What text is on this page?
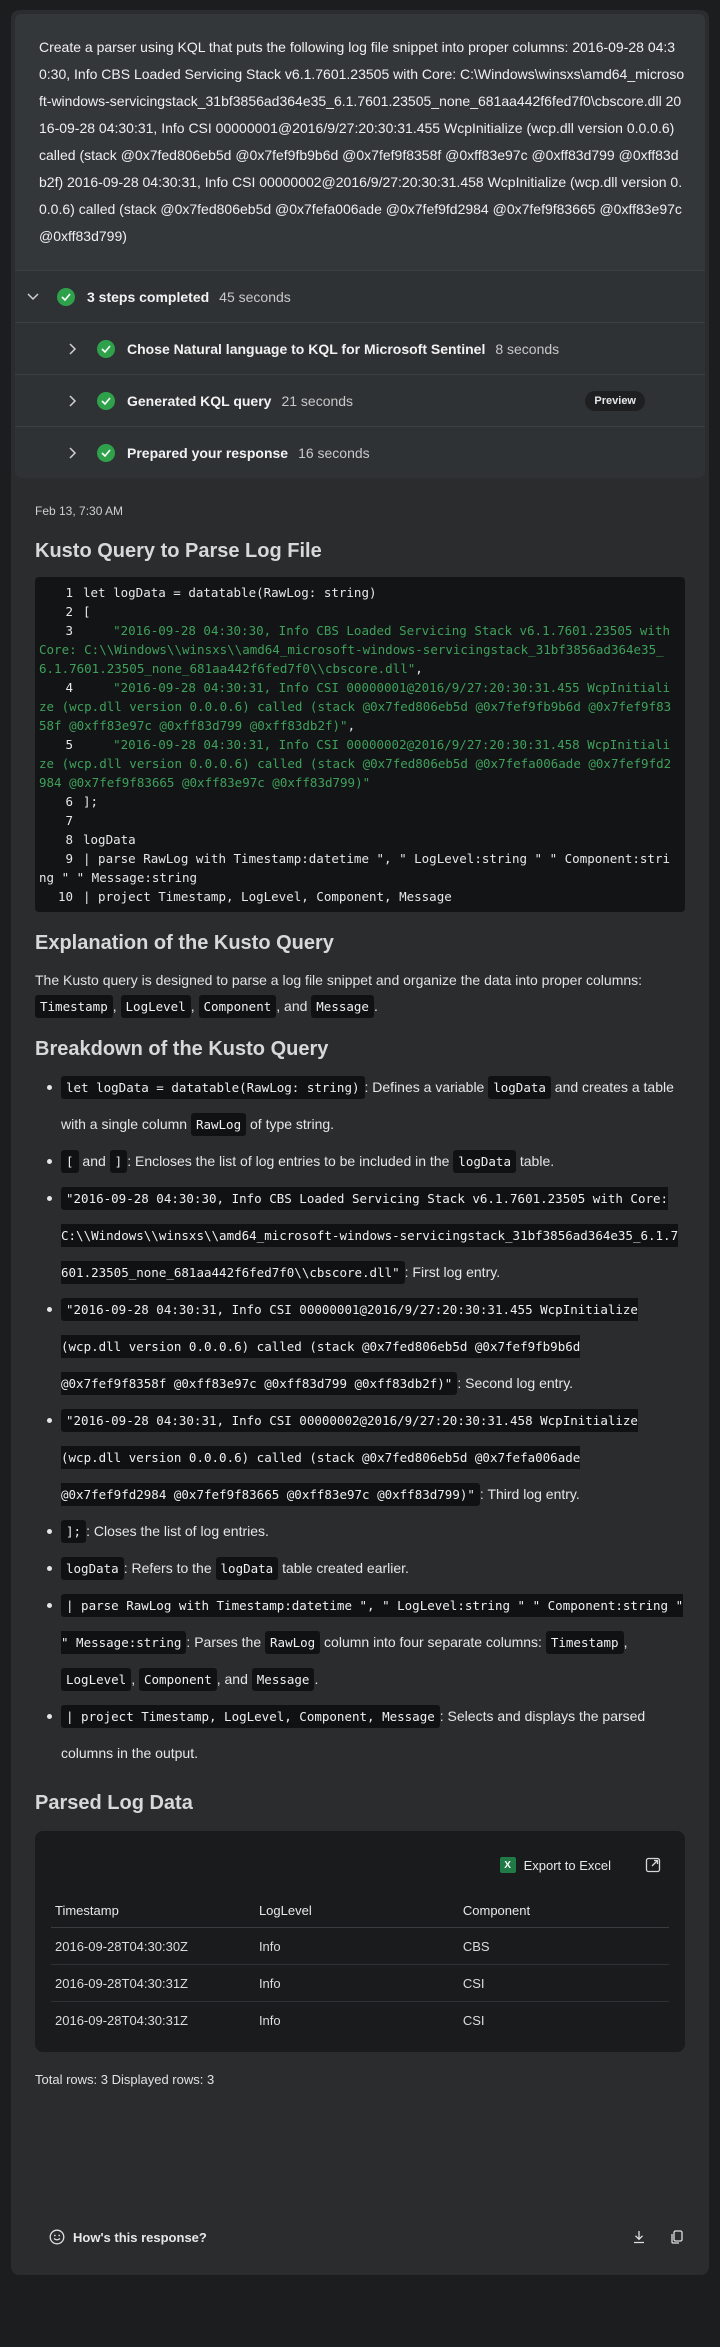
Create a parser using KQL that puts the following log file snippet into proper columns: 2016-09-28 04:30:30, Info CBS Loaded Servicing Stack v6.1.7601.23505 with Core: C:\Windows\winsxs\amd64_microsoft-windows-servicingstack_31bf3856ad364e35_6.1.7601.23505_none_681aa442f6fed7f0\cbscore.dll 2016-09-28 04:30:31, Info CSI 00000001@2016/9/27:20:30:31.455 WcpInitialize (wcp.dll version 0.0.0.6) called (stack @0x7fed806eb5d @0x7fef9fb9b6d @0x7fef9f8358f @0xff83e97c @0xff83d799 @0xff83db2f) 2016-09-28 04:30:31, Info CSI 00000002@2016/9/27:20:30:31.458 WcpInitialize (wcp.dll version 0.0.0.6) called (stack @0x7fed806eb5d @0x7fefa006ade @0x7fef9fd2984 @0x7fef9f83665 @0xff83e97c @0xff83d799)
3 steps completed 45 seconds
Chose Natural language to KQL for Microsoft Sentinel 8 seconds
Generated KQL query 21 seconds	Preview
Prepared your response 16 seconds
Feb 13, 7:30 AM
Kusto Query to Parse Log File
1 let logData = datatable(RawLog: string)
2 [
3	"2016-09-28 04:30:30, Info CBS Loaded Servicing Stack v6.1.7601.23505 with Core: C:\\Windows\\winsxs\\amd64_microsoft-windows-servicingstack_31bf3856ad364e35_6.1.7601.23505_none_681aa442f6fed7f0\\cbscore.dll",
4	"2016-09-28 04:30:31, Info CSI 00000001@2016/9/27:20:30:31.455 WcpInitialize (wcp.dll version 0.0.0.6) called (stack @0x7fed806eb5d @0x7fef9fb9b6d @0x7fef9f8358f @0xff83e97c @0xff83d799 @0xff83db2f)",
5	"2016-09-28 04:30:31, Info CSI 00000002@2016/9/27:20:30:31.458 WcpInitialize (wcp.dll version 0.0.0.6) called (stack @0x7fed806eb5d @0x7fefa006ade @0x7fef9fd2984 @0x7fef9f83665 @0xff83e97c @0xff83d799)"
6 ];
7
8 logData
9 | parse RawLog with Timestamp:datetime ", " LogLevel:string " " Component:string " " Message:string
10 | project Timestamp, LogLevel, Component, Message
Explanation of the Kusto Query

The Kusto query is designed to parse a log file snippet and organize the data into proper columns: Timestamp , LogLevel , Component , and Message .

Breakdown of the Kusto Query
let logData = datatable(RawLog: string) : Defines a variable logData and creates a table with a single column RawLog of type string.
[ and ] : Encloses the list of log entries to be included in the logData table.
"2016-09-28 04:30:30, Info CBS Loaded Servicing Stack v6.1.7601.23505 with Core: C:\\Windows\\winsxs\\amd64_microsoft-windows-servicingstack_31bf3856ad364e35_6.1.7601.23505_none_681aa442f6fed7f0\\cbscore.dll" : First log entry.
"2016-09-28 04:30:31, Info CSI 00000001@2016/9/27:20:30:31.455 WcpInitialize (wcp.dll version 0.0.0.6) called (stack @0x7fed806eb5d @0x7fef9fb9b6d @0x7fef9f8358f @0xff83e97c @0xff83d799 @0xff83db2f)" : Second log entry.
"2016-09-28 04:30:31, Info CSI 00000002@2016/9/27:20:30:31.458 WcpInitialize (wcp.dll version 0.0.0.6) called (stack @0x7fed806eb5d @0x7fefa006ade @0x7fef9fd2984 @0x7fef9f83665 @0xff83e97c @0xff83d799)" : Third log entry.
]; : Closes the list of log entries.
logData : Refers to the logData table created earlier.
| parse RawLog with Timestamp:datetime ", " LogLevel:string " " Component:string " " Message:string : Parses the RawLog column into four separate columns: Timestamp , LogLevel , Component , and Message .
| project Timestamp, LogLevel, Component, Message : Selects and displays the parsed columns in the output.
Parsed Log Data
X Export to Excel
Timestamp	LogLevel	Component
2016-09-28T04:30:30Z	Info	CBS
2016-09-28T04:30:31Z	Info	CSI
2016-09-28T04:30:31Z	Info	CSI
Total rows: 3 Displayed rows: 3
How's this response?
